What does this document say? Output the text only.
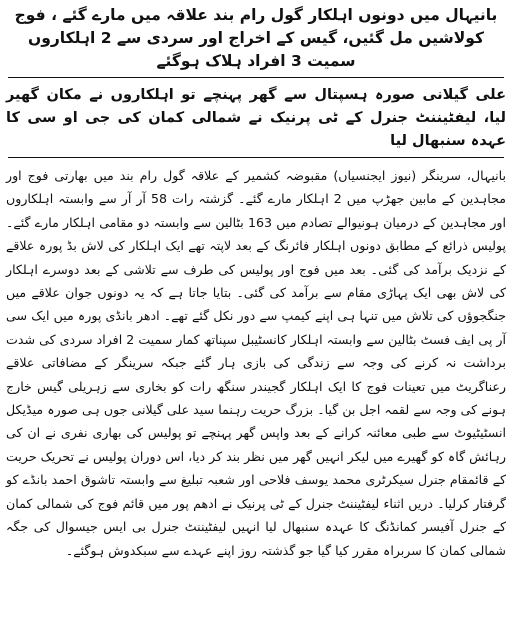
بانیہال میں دونوں اہلکار گول رام بند علاقہ میں مارے گئے ، فوج کولاشیں مل گئیں، گیس کے اخراج اور سردی سے 2 اہلکاروں سمیت 3 افراد ہلاک ہوگئے
علی گیلانی صورہ ہسپتال سے گھر پہنچے تو اہلکاروں نے مکان گھیر لیا، لیفٹیننٹ جنرل کے ٹی پرنیک نے شمالی کمان کی جی او سی کا عہدہ سنبھال لیا

بانیہال، سرینگر (نیوز ایجنسیاں) مقبوضہ کشمیر کے علاقہ گول رام بند میں بھارتی فوج اور مجاہدین کے مابین جھڑپ میں 2 اہلکار مارے گئے۔ گزشتہ رات 58 آر آر سے وابستہ اہلکاروں اور مجاہدین کے درمیان ہونیوالے تصادم میں 163 بٹالین سے وابستہ دو مقامی اہلکار مارے گئے۔ پولیس ذرائع کے مطابق دونوں اہلکار فائرنگ کے بعد لاپتہ تھے ایک اہلکار کی لاش بڈ پورہ علاقے کے نزدیک برآمد کی گئی۔ بعد میں فوج اور پولیس کی طرف سے تلاشی کے بعد دوسرے اہلکار کی لاش بھی ایک پہاڑی مقام سے برآمد کی گئی۔ بتایا جاتا ہے کہ یہ دونوں جوان علاقے میں جنگجوؤں کی تلاش میں تنہا ہی اپنے کیمپ سے دور نکل گئے تھے۔ ادھر بانڈی پورہ میں ایک سی آر پی ایف فسٹ بٹالین سے وابستہ اہلکار کانسٹیبل سپناتھ کمار سمیت 2 افراد سردی کی شدت برداشت نہ کرنے کی وجہ سے زندگی کی بازی ہار گئے جبکہ سرینگر کے مضافاتی علاقے رعناگریٹ میں تعینات فوج کا ایک اہلکار گجیندر سنگھ رات کو بخاری سے زہریلی گیس خارج ہونے کی وجہ سے لقمہ اجل بن گیا۔ بزرگ حریت رہنما سید علی گیلانی جوں ہی صورہ میڈیکل انسٹیٹیوٹ سے طبی معائنہ کرانے کے بعد واپس گھر پہنچے تو پولیس کی بھاری نفری نے ان کی رہائش گاہ کو گھیرے میں لیکر انہیں گھر میں نظر بند کر دیا، اس دوران پولیس نے تحریک حریت کے قائمقام جنرل سیکرٹری محمد یوسف فلاحی اور شعبہ تبلیغ سے وابستہ تاشوق احمد بانڈے کو گرفتار کرلیا۔ دریں اثناء لیفٹیننٹ جنرل کے ٹی پرنیک نے ادھم پور میں قائم فوج کی شمالی کمان کے جنرل آفیسر کمانڈنگ کا عہدہ سنبھال لیا انہیں لیفٹیننٹ جنرل بی ایس جیسوال کی جگہ شمالی کمان کا سربراہ مقرر کیا گیا جو گذشتہ روز اپنے عہدے سے سبکدوش ہوگئے۔
